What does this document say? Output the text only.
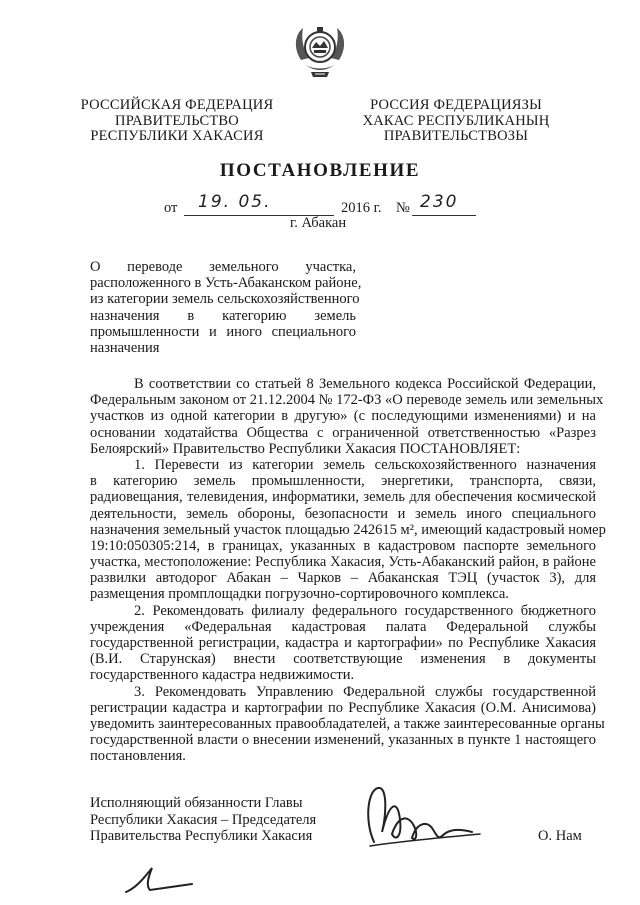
РОССИЙСКАЯ ФЕДЕРАЦИЯ
ПРАВИТЕЛЬСТВО
РЕСПУБЛИКИ ХАКАСИЯ
РОССИЯ ФЕДЕРАЦИЯЗЫ
ХАКАС РЕСПУБЛИКАНЫҢ
ПРАВИТЕЛЬСТВОЗЫ
ПОСТАНОВЛЕНИЕ
от 19. 05.	2016 г. № 230
г. Абакан
О переводе земельного участка,
расположенного в Усть-Абаканском районе,
из категории земель сельскохозяйственного
назначения в категорию земель
промышленности и иного специального
назначения
В соответствии со статьей 8 Земельного кодекса Российской Федерации,
Федеральным законом от 21.12.2004 № 172-ФЗ «О переводе земель или земельных
участков из одной категории в другую» (с последующими изменениями) и на
основании ходатайства Общества с ограниченной ответственностью «Разрез
Белоярский» Правительство Республики Хакасия ПОСТАНОВЛЯЕТ:
1. Перевести из категории земель сельскохозяйственного назначения
в категорию земель промышленности, энергетики, транспорта, связи,
радиовещания, телевидения, информатики, земель для обеспечения космической
деятельности, земель обороны, безопасности и земель иного специального
назначения земельный участок площадью 242615 м², имеющий кадастровый номер
19:10:050305:214, в границах, указанных в кадастровом паспорте земельного
участка, местоположение: Республика Хакасия, Усть-Абаканский район, в районе
развилки автодорог Абакан – Чарков – Абаканская ТЭЦ (участок 3), для
размещения промплощадки погрузочно-сортировочного комплекса.
2. Рекомендовать филиалу федерального государственного бюджетного
учреждения «Федеральная кадастровая палата Федеральной службы
государственной регистрации, кадастра и картографии» по Республике Хакасия
(В.И. Старунская) внести соответствующие изменения в документы
государственного кадастра недвижимости.
3. Рекомендовать Управлению Федеральной службы государственной
регистрации кадастра и картографии по Республике Хакасия (О.М. Анисимова)
уведомить заинтересованных правообладателей, а также заинтересованные органы
государственной власти о внесении изменений, указанных в пункте 1 настоящего
постановления.
Исполняющий обязанности Главы
Республики Хакасия – Председателя
Правительства Республики Хакасия	О. Нам
